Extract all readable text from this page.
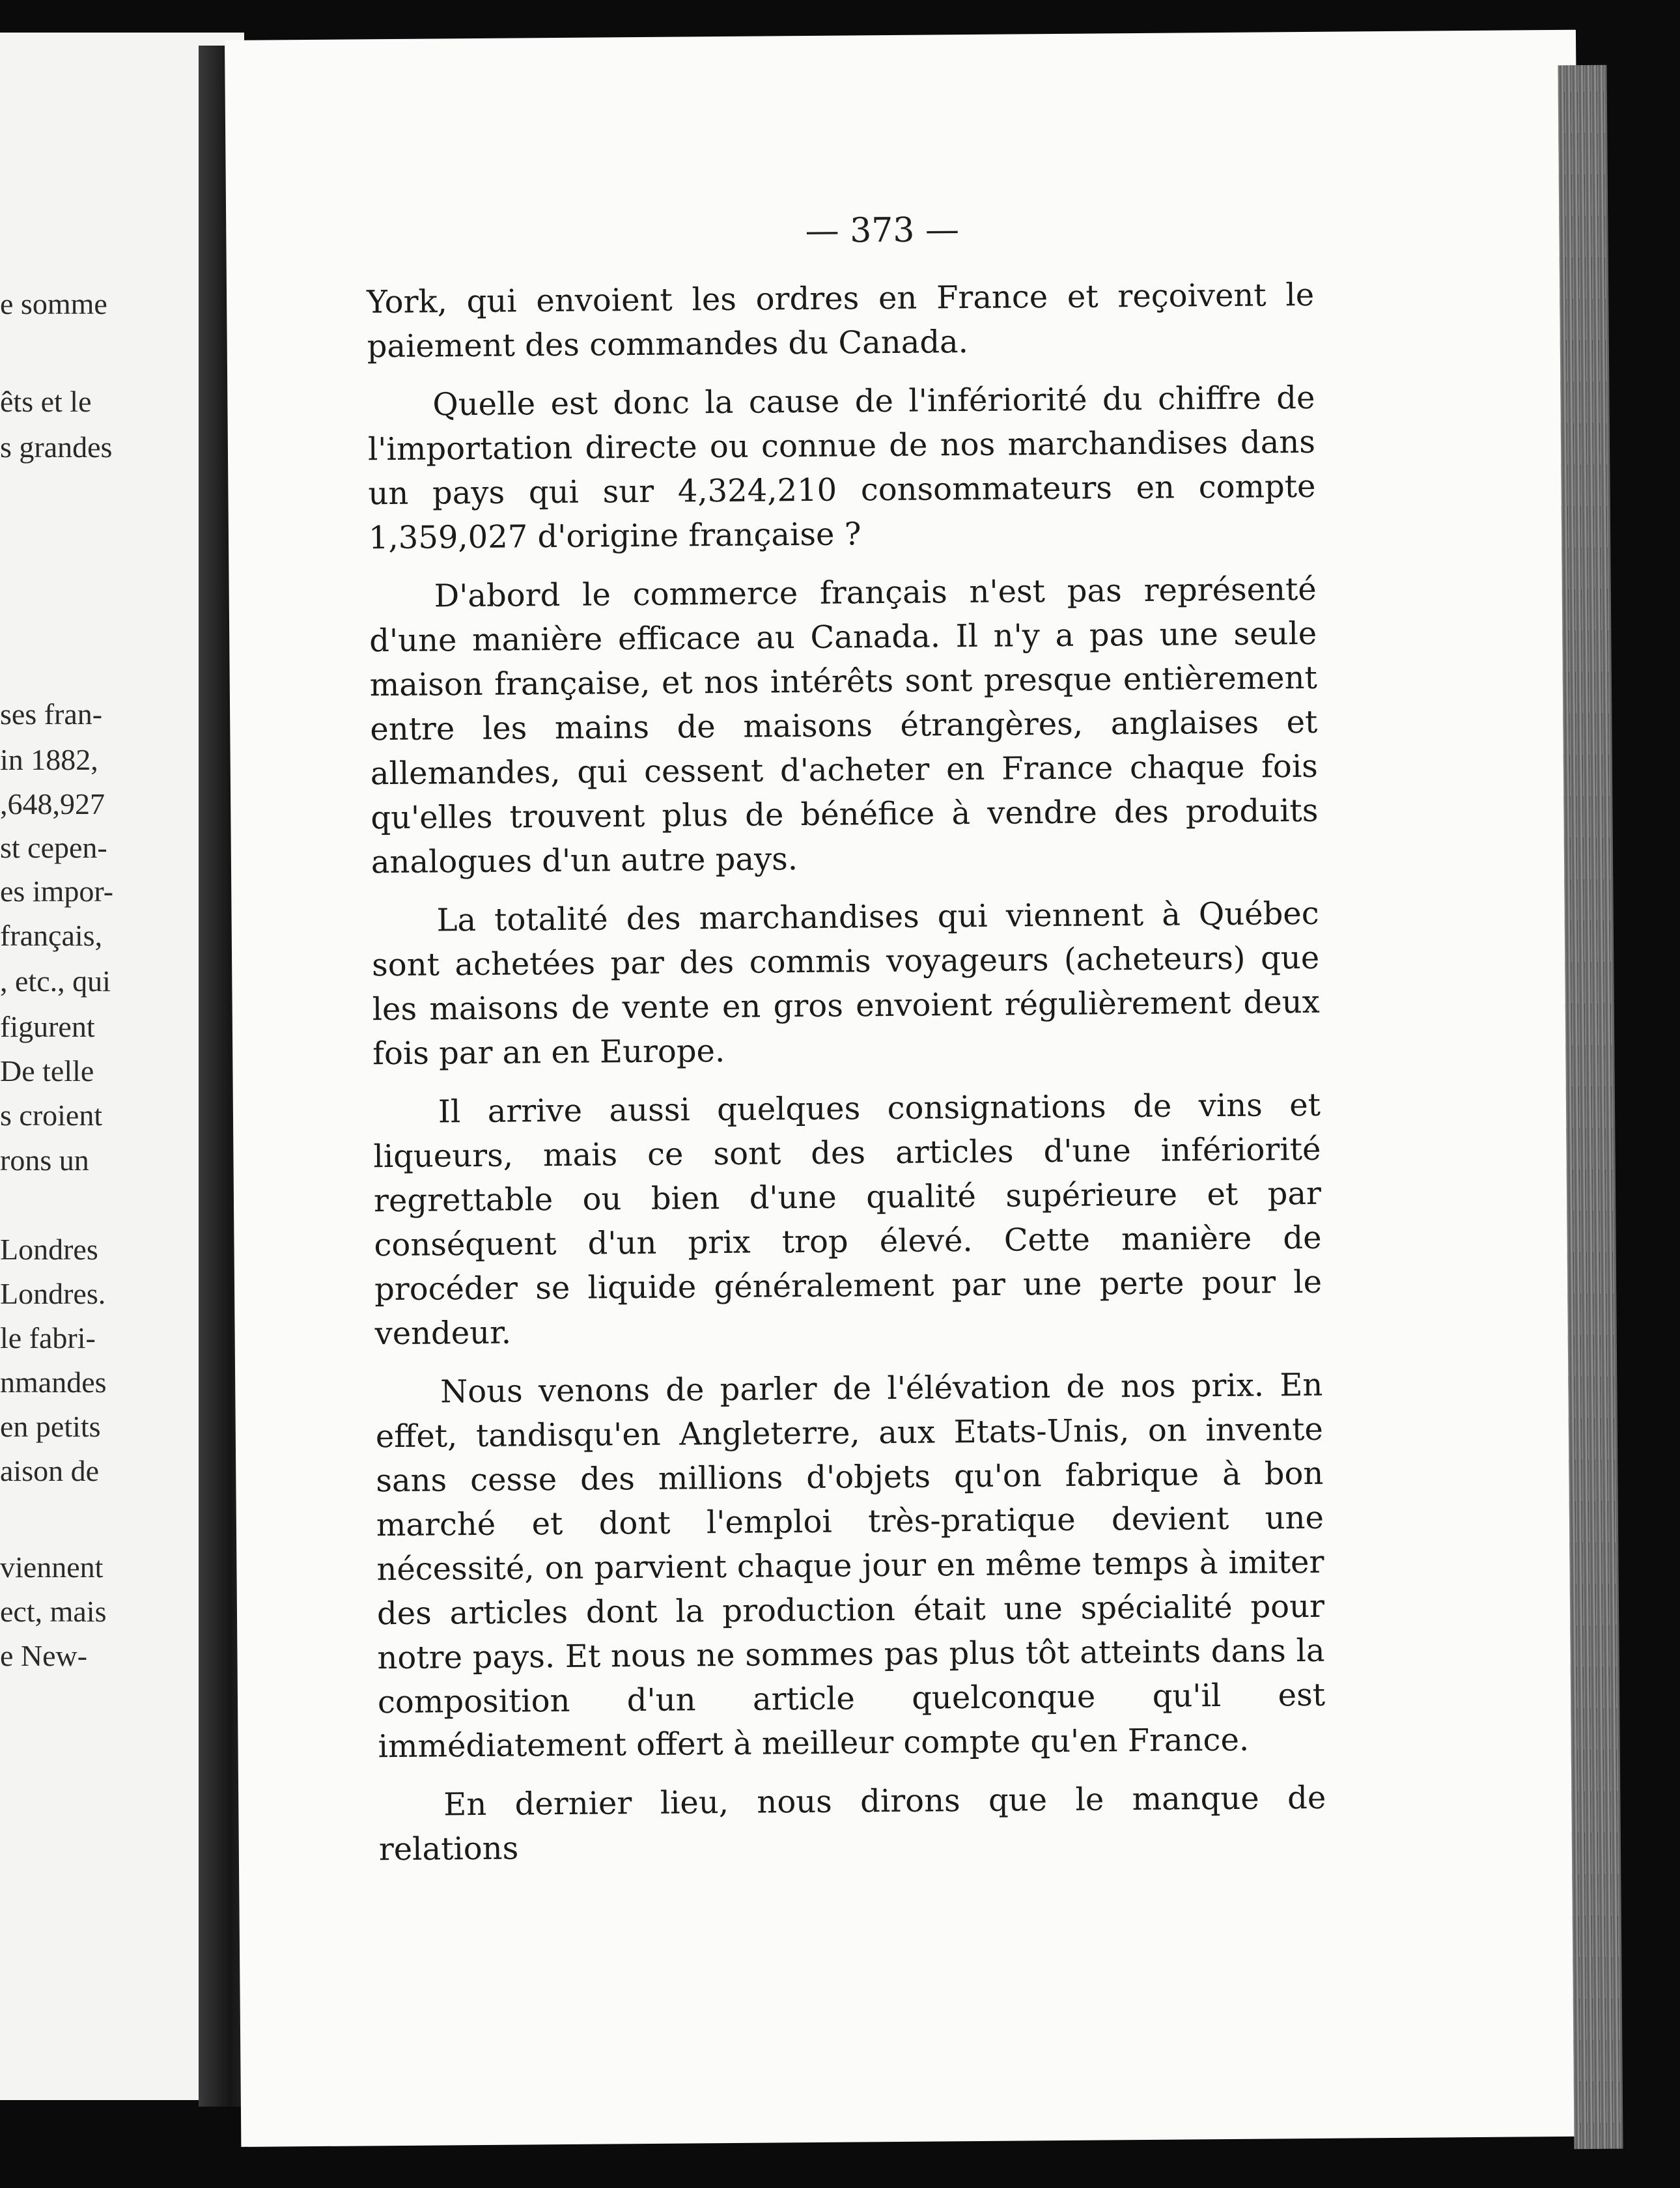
e somme
êts et le
s grandes
ses fran-
in 1882,
,648,927
st cepen-
es impor-
français,
, etc., qui
figurent
De telle
s croient
rons un
Londres
Londres.
le fabri-
nmandes
en petits
aison de
viennent
ect, mais
e New-
— 373 —

York, qui envoient les ordres en France et reçoivent le paiement des commandes du Canada.

Quelle est donc la cause de l'infériorité du chiffre de l'importation directe ou connue de nos marchandises dans un pays qui sur 4,324,210 consommateurs en compte 1,359,027 d'origine française ?

D'abord le commerce français n'est pas représenté d'une manière efficace au Canada. Il n'y a pas une seule maison française, et nos intérêts sont presque entièrement entre les mains de maisons étrangères, anglaises et allemandes, qui cessent d'acheter en France chaque fois qu'elles trouvent plus de bénéfice à vendre des produits analogues d'un autre pays.

La totalité des marchandises qui viennent à Québec sont achetées par des commis voyageurs (acheteurs) que les maisons de vente en gros envoient régulièrement deux fois par an en Europe.

Il arrive aussi quelques consignations de vins et liqueurs, mais ce sont des articles d'une infériorité regrettable ou bien d'une qualité supérieure et par conséquent d'un prix trop élevé. Cette manière de procéder se liquide généralement par une perte pour le vendeur.

Nous venons de parler de l'élévation de nos prix. En effet, tandisqu'en Angleterre, aux Etats-Unis, on invente sans cesse des millions d'objets qu'on fabrique à bon marché et dont l'emploi très-pratique devient une nécessité, on parvient chaque jour en même temps à imiter des articles dont la production était une spécialité pour notre pays. Et nous ne sommes pas plus tôt atteints dans la composition d'un article quelconque qu'il est immédiatement offert à meilleur compte qu'en France.

En dernier lieu, nous dirons que le manque de relations
